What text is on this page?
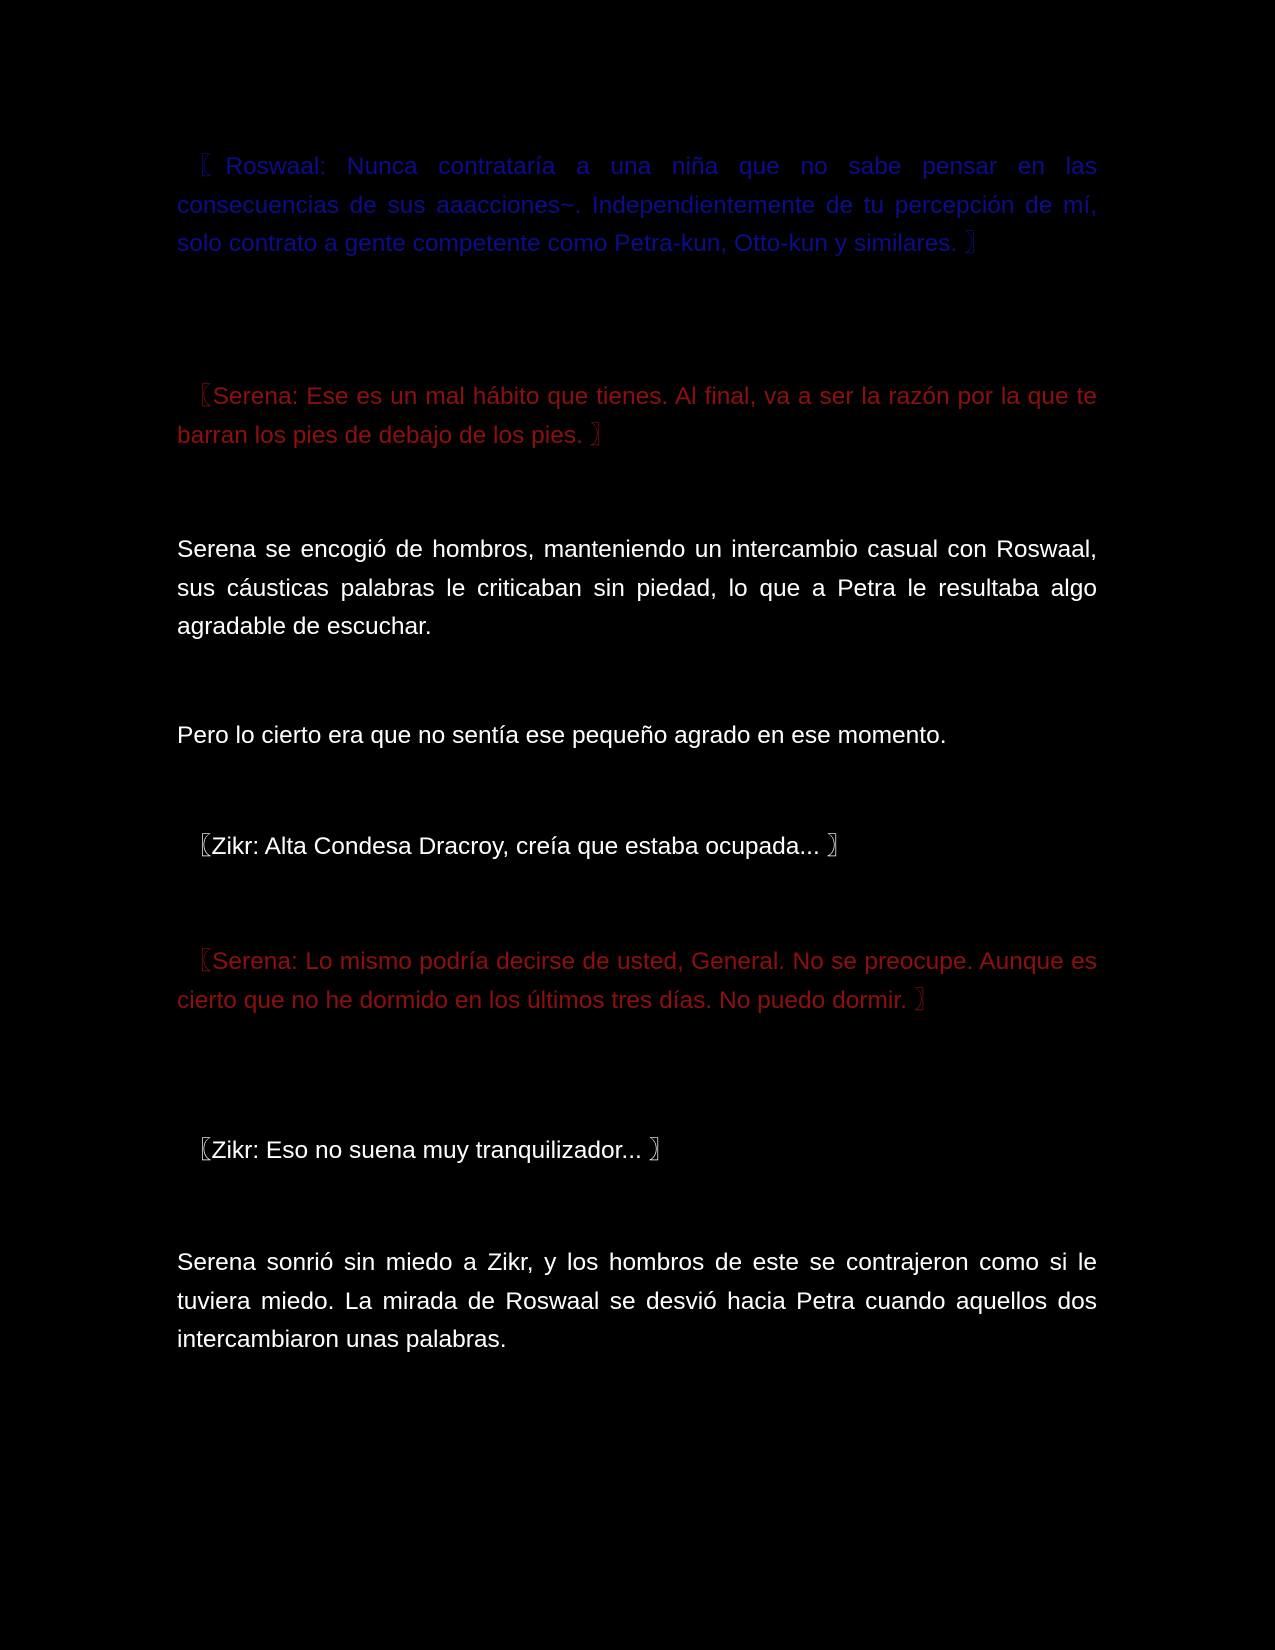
〖Roswaal: Nunca contrataría a una niña que no sabe pensar en las consecuencias de sus aaacciones~. Independientemente de tu percepción de mí, solo contrato a gente competente como Petra-kun, Otto-kun y similares. 〗

〖Serena: Ese es un mal hábito que tienes. Al final, va a ser la razón por la que te barran los pies de debajo de los pies. 〗

Serena se encogió de hombros, manteniendo un intercambio casual con Roswaal, sus cáusticas palabras le criticaban sin piedad, lo que a Petra le resultaba algo agradable de escuchar.

Pero lo cierto era que no sentía ese pequeño agrado en ese momento.

〖Zikr: Alta Condesa Dracroy, creía que estaba ocupada... 〗

〖Serena: Lo mismo podría decirse de usted, General. No se preocupe. Aunque es cierto que no he dormido en los últimos tres días. No puedo dormir. 〗

〖Zikr: Eso no suena muy tranquilizador... 〗

Serena sonrió sin miedo a Zikr, y los hombros de este se contrajeron como si le tuviera miedo. La mirada de Roswaal se desvió hacia Petra cuando aquellos dos intercambiaron unas palabras.
